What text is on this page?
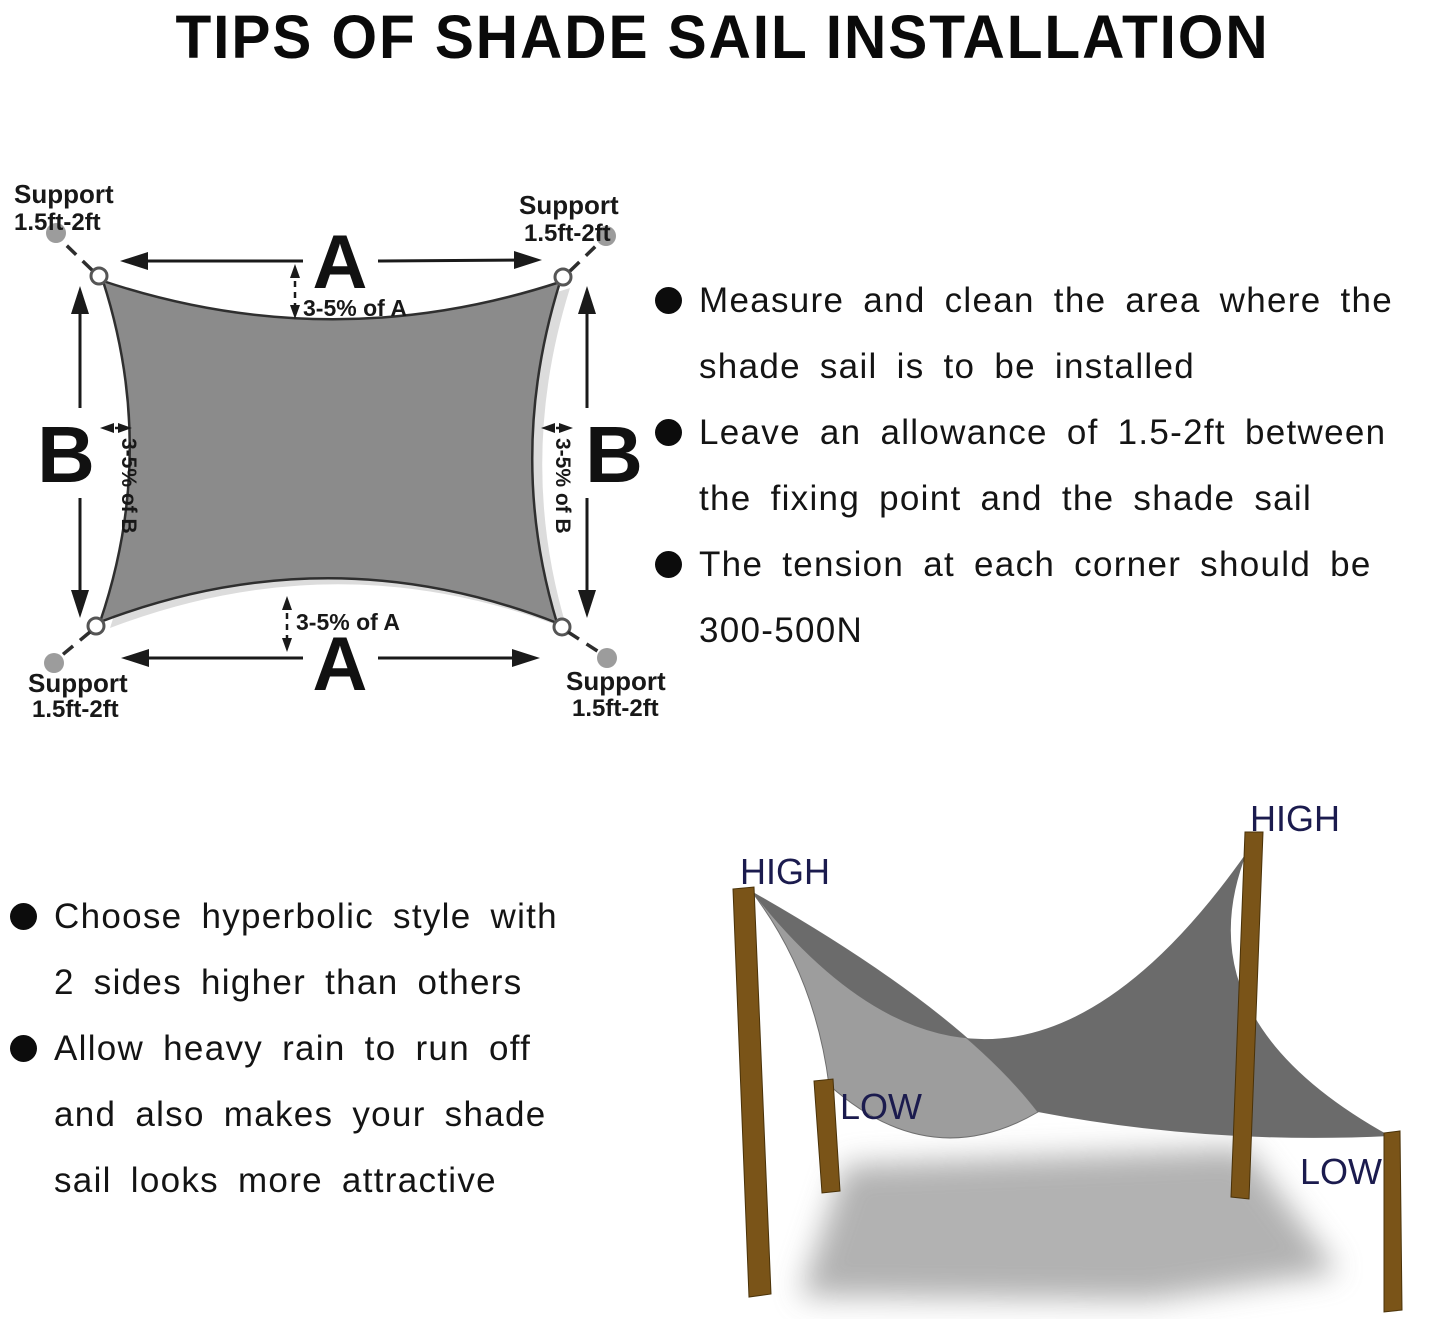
TIPS OF SHADE SAIL INSTALLATION
Support
1.5ft-2ft
Support
1.5ft-2ft
Support
1.5ft-2ft
Support
1.5ft-2ft
A
A
B	B
3-5% of A
3-5% of A
3-5% of B	3-5% of B
HIGH
HIGH
LOW
LOW
Measure and clean the area where the
shade sail is to be installed
Leave an allowance of 1.5-2ft between
the fixing point and the shade sail
The tension at each corner should be
300-500N
Choose hyperbolic style with
2 sides higher than others
Allow heavy rain to run off
and also makes your shade
sail looks more attractive
